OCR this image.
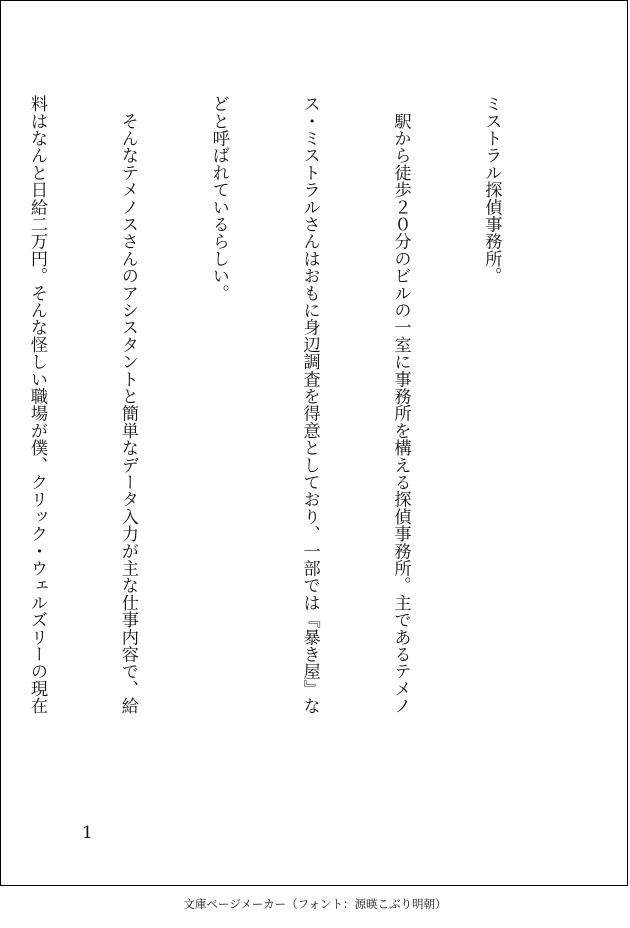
ミストラル探偵事務所。

　駅から徒歩２０分のビルの一室に事務所を構える探偵事務所。主であるテメノ

ス・ミストラルさんはおもに身辺調査を得意としており、一部では『暴き屋』な

どと呼ばれているらしい。

　そんなテメノスさんのアシスタントと簡単なデータ入力が主な仕事内容で、給

料はなんと日給二万円。そんな怪しい職場が僕、クリック・ウェルズリーの現在

1
文庫ページメーカー（フォント：源暎こぶり明朝）
